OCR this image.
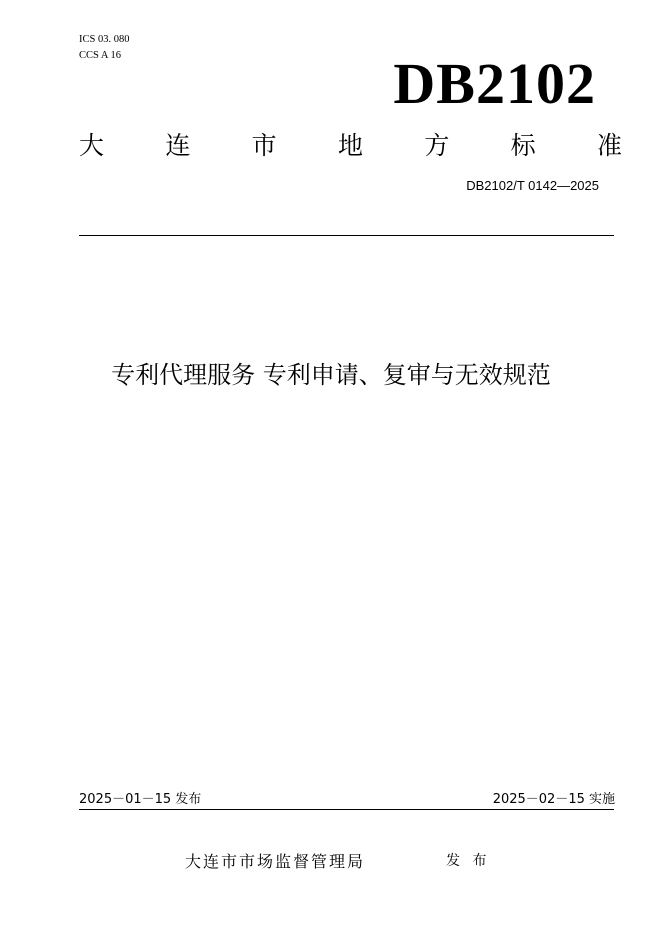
ICS 03. 080
CCS A 16	DB2102
大 连 市 地 方 标 准
DB2102/T 0142—2025
专利代理服务 专利申请、复审与无效规范
2025－01－15 发布	2025－02－15 实施
大连市市场监督管理局	发 布
